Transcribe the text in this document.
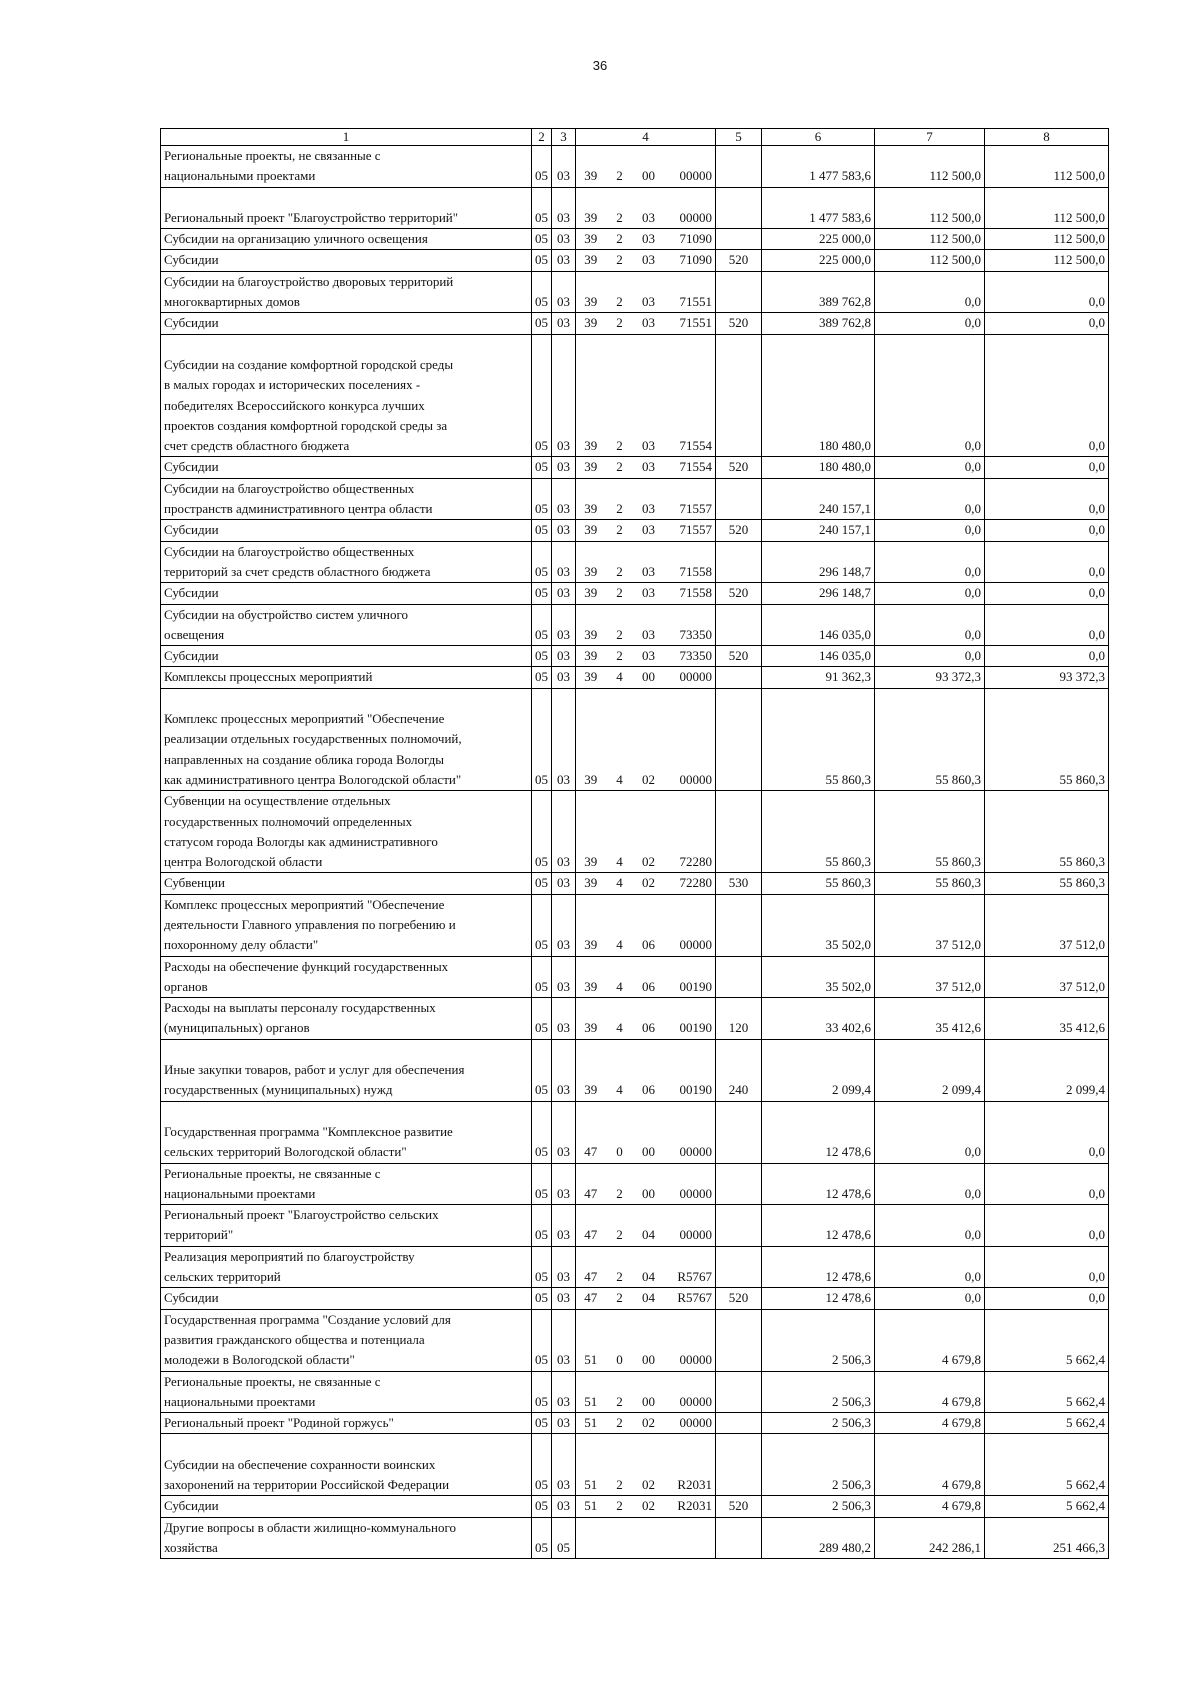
36
1	2	3	4				5	6	7	8
Региональные проекты, не связанные с
национальными проектами	05	03	39	2	00	00000		1 477 583,6	112 500,0	112 500,0

Региональный проект "Благоустройство территорий"	05	03	39	2	03	00000		1 477 583,6	112 500,0	112 500,0
Субсидии на организацию уличного освещения	05	03	39	2	03	71090		225 000,0	112 500,0	112 500,0
Субсидии	05	03	39	2	03	71090	520	225 000,0	112 500,0	112 500,0
Субсидии на благоустройство дворовых территорий
многоквартирных домов	05	03	39	2	03	71551		389 762,8	0,0	0,0
Субсидии	05	03	39	2	03	71551	520	389 762,8	0,0	0,0

Субсидии на создание комфортной городской среды
в малых городах и исторических поселениях -
победителях Всероссийского конкурса лучших
проектов создания комфортной городской среды за
счет средств областного бюджета	05	03	39	2	03	71554		180 480,0	0,0	0,0
Субсидии	05	03	39	2	03	71554	520	180 480,0	0,0	0,0
Субсидии на благоустройство общественных
пространств административного центра области	05	03	39	2	03	71557		240 157,1	0,0	0,0
Субсидии	05	03	39	2	03	71557	520	240 157,1	0,0	0,0
Субсидии на благоустройство общественных
территорий за счет средств областного бюджета	05	03	39	2	03	71558		296 148,7	0,0	0,0
Субсидии	05	03	39	2	03	71558	520	296 148,7	0,0	0,0
Субсидии на обустройство систем уличного
освещения	05	03	39	2	03	73350		146 035,0	0,0	0,0
Субсидии	05	03	39	2	03	73350	520	146 035,0	0,0	0,0
Комплексы процессных мероприятий	05	03	39	4	00	00000		91 362,3	93 372,3	93 372,3

Комплекс процессных мероприятий "Обеспечение
реализации отдельных государственных полномочий,
направленных на создание облика города Вологды
как административного центра Вологодской области"	05	03	39	4	02	00000		55 860,3	55 860,3	55 860,3
Субвенции на осуществление отдельных
государственных полномочий определенных
статусом города Вологды как административного
центра Вологодской области	05	03	39	4	02	72280		55 860,3	55 860,3	55 860,3
Субвенции	05	03	39	4	02	72280	530	55 860,3	55 860,3	55 860,3
Комплекс процессных мероприятий "Обеспечение
деятельности Главного управления по погребению и
похоронному делу области"	05	03	39	4	06	00000		35 502,0	37 512,0	37 512,0
Расходы на обеспечение функций государственных
органов	05	03	39	4	06	00190		35 502,0	37 512,0	37 512,0
Расходы на выплаты персоналу государственных
(муниципальных) органов	05	03	39	4	06	00190	120	33 402,6	35 412,6	35 412,6

Иные закупки товаров, работ и услуг для обеспечения
государственных (муниципальных) нужд	05	03	39	4	06	00190	240	2 099,4	2 099,4	2 099,4

Государственная программа "Комплексное развитие
сельских территорий Вологодской области"	05	03	47	0	00	00000		12 478,6	0,0	0,0
Региональные проекты, не связанные с
национальными проектами	05	03	47	2	00	00000		12 478,6	0,0	0,0
Региональный проект "Благоустройство сельских
территорий"	05	03	47	2	04	00000		12 478,6	0,0	0,0
Реализация мероприятий по благоустройству
сельских территорий	05	03	47	2	04	R5767		12 478,6	0,0	0,0
Субсидии	05	03	47	2	04	R5767	520	12 478,6	0,0	0,0
Государственная программа "Создание условий для
развития гражданского общества и потенциала
молодежи в Вологодской области"	05	03	51	0	00	00000		2 506,3	4 679,8	5 662,4
Региональные проекты, не связанные с
национальными проектами	05	03	51	2	00	00000		2 506,3	4 679,8	5 662,4
Региональный проект "Родиной горжусь"	05	03	51	2	02	00000		2 506,3	4 679,8	5 662,4

Субсидии на обеспечение сохранности воинских
захоронений на территории Российской Федерации	05	03	51	2	02	R2031		2 506,3	4 679,8	5 662,4
Субсидии	05	03	51	2	02	R2031	520	2 506,3	4 679,8	5 662,4
Другие вопросы в области жилищно-коммунального
хозяйства	05	05						289 480,2	242 286,1	251 466,3
